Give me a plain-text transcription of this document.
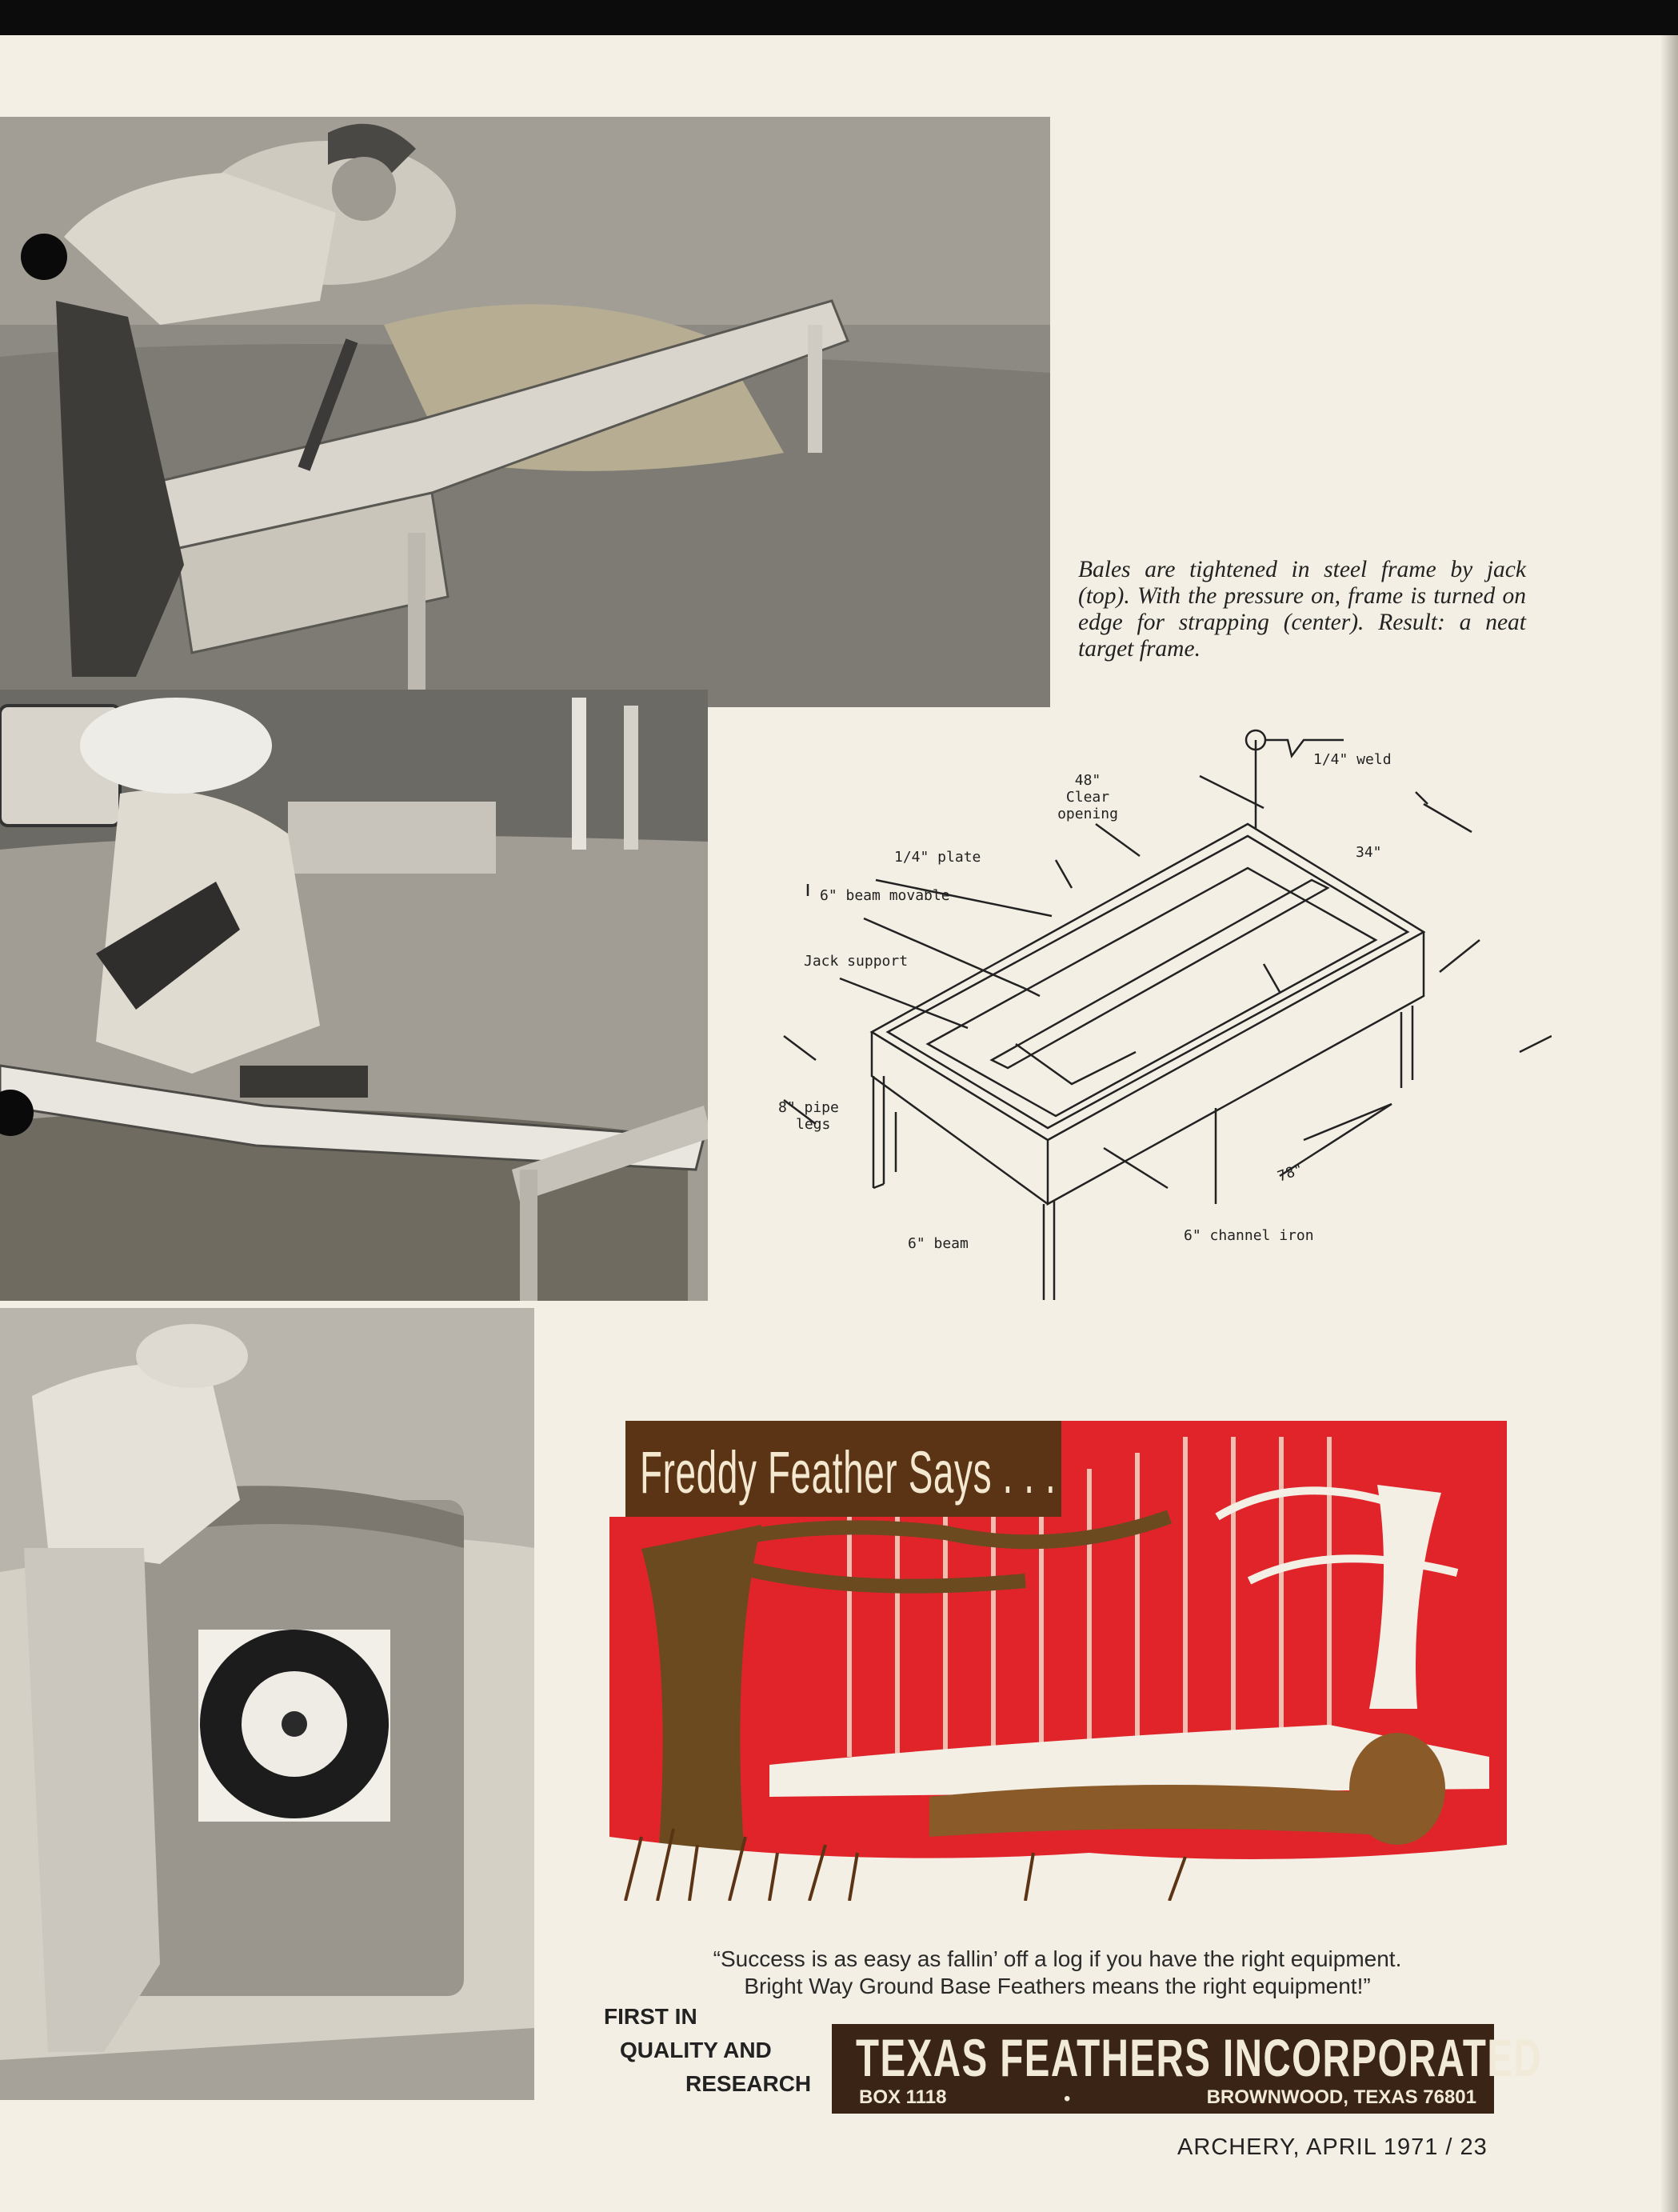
Bales are tightened in steel frame by jack (top). With the pressure on, frame is turned on edge for strapping (center). Result: a neat target frame.
1/4" weld
48"
Clear
opening
34"
1/4" plate
6" beam movable
Jack support
8" pipe
legs
78"
6" beam	6" channel iron
Freddy Feather Says . . .
“Success is as easy as fallin’ off a log if you have the right equipment.
Bright Way Ground Base Feathers means the right equipment!”
FIRST IN
QUALITY AND
RESEARCH TEXAS FEATHERS INCORPORATED
BOX 1118	•	BROWNWOOD, TEXAS 76801
ARCHERY, APRIL 1971 / 23
